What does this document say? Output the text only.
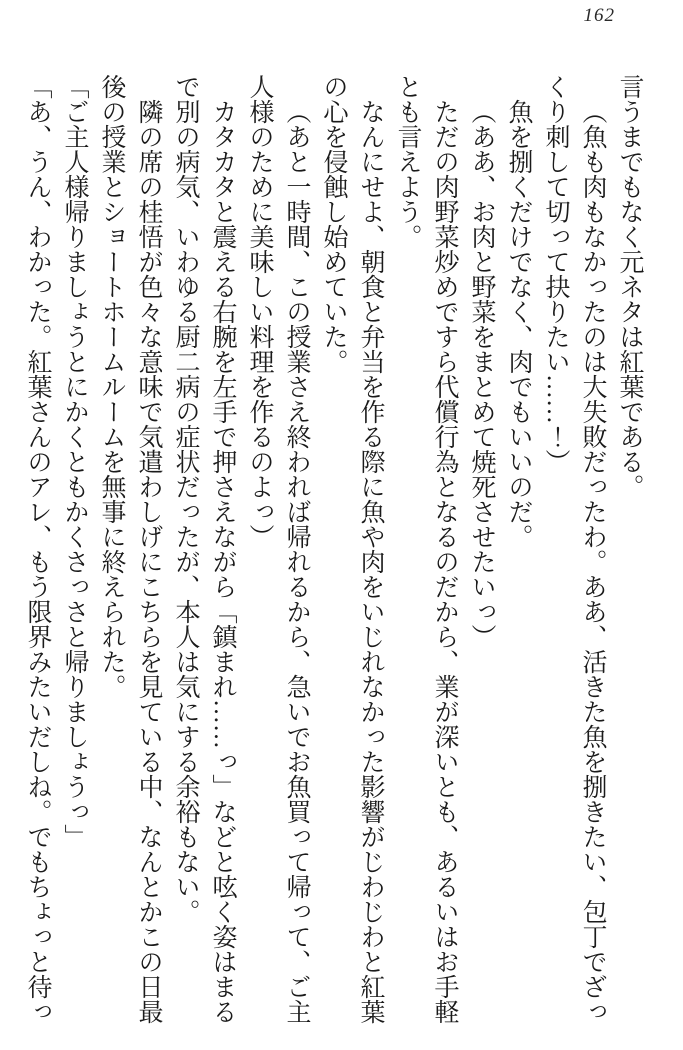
162

言うまでもなく元ネタは紅葉である。

（魚も肉もなかったのは大失敗だったわ。ああ、活きた魚を捌きたい、包丁でざっくり刺して切って抉りたい……！）

魚を捌くだけでなく、肉でもいいのだ。

（ああ、お肉と野菜をまとめて焼死させたいっ）

ただの肉野菜炒めですら代償行為となるのだから、業が深いとも、あるいはお手軽とも言えよう。

なんにせよ、朝食と弁当を作る際に魚や肉をいじれなかった影響がじわじわと紅葉の心を侵蝕し始めていた。

（あと一時間、この授業さえ終われば帰れるから、急いでお魚買って帰って、ご主人様のために美味しい料理を作るのよっ）

カタカタと震える右腕を左手で押さえながら「鎮まれ……っ」などと呟く姿はまるで別の病気、いわゆる厨二病の症状だったが、本人は気にする余裕もない。

隣の席の桂悟が色々な意味で気遣わしげにこちらを見ている中、なんとかこの日最後の授業とショートホームルームを無事に終えられた。

「ご主人様帰りましょうとにかくともかくさっさと帰りましょうっ」

「あ、うん、わかった。紅葉さんのアレ、もう限界みたいだしね。でもちょっと待っ
